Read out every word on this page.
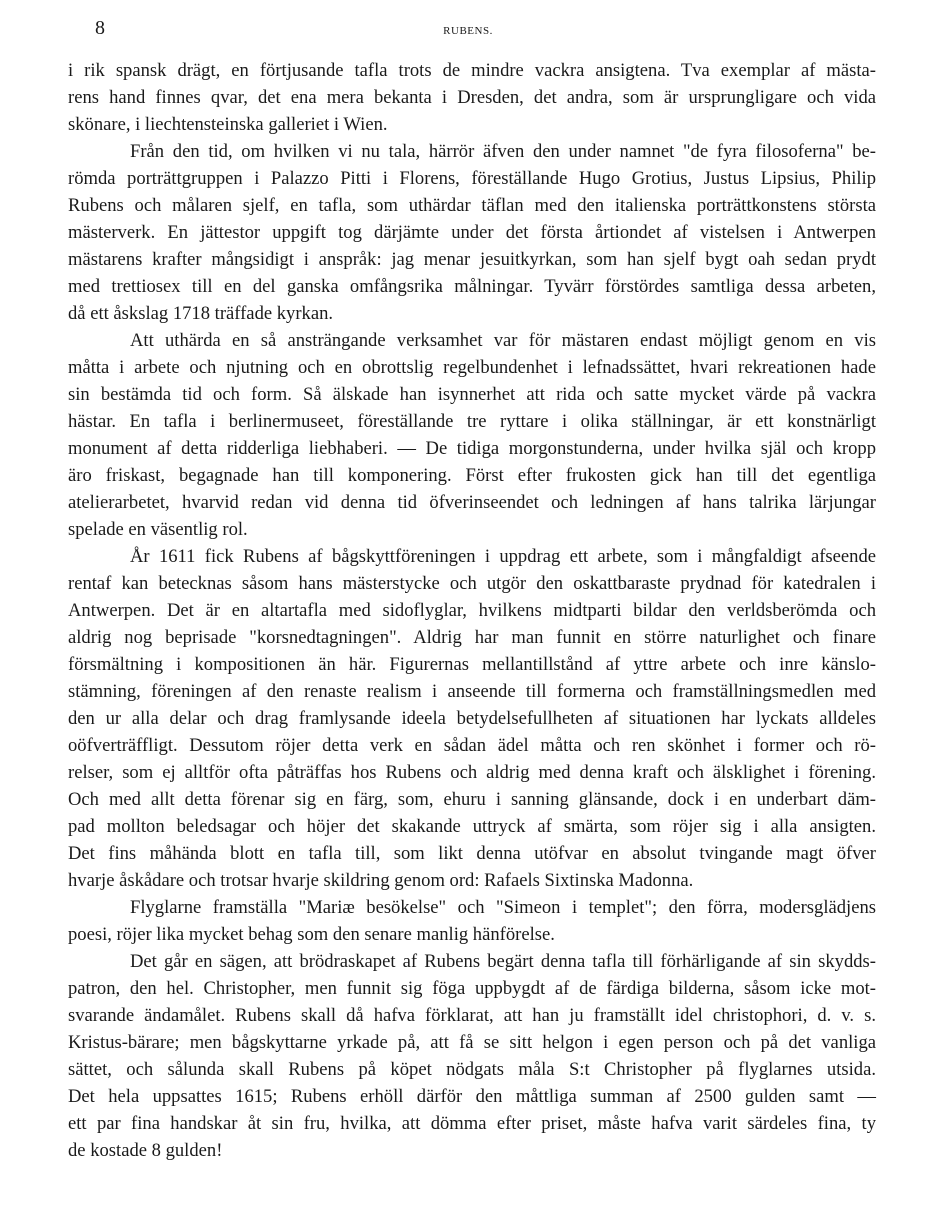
8	RUBENS.
i rik spansk drägt, en förtjusande tafla trots de mindre vackra ansigtena. Tva exemplar af mästa-
rens hand finnes qvar, det ena mera bekanta i Dresden, det andra, som är ursprungligare och vida
skönare, i liechtensteinska galleriet i Wien.
Från den tid, om hvilken vi nu tala, härrör äfven den under namnet "de fyra filosoferna" be-
römda porträttgruppen i Palazzo Pitti i Florens, föreställande Hugo Grotius, Justus Lipsius, Philip
Rubens och målaren sjelf, en tafla, som uthärdar täflan med den italienska porträttkonstens största
mästerverk. En jättestor uppgift tog därjämte under det första årtiondet af vistelsen i Antwerpen
mästarens krafter mångsidigt i anspråk: jag menar jesuitkyrkan, som han sjelf bygt oah sedan prydt
med trettiosex till en del ganska omfångsrika målningar. Tyvärr förstördes samtliga dessa arbeten,
då ett åskslag 1718 träffade kyrkan.
Att uthärda en så ansträngande verksamhet var för mästaren endast möjligt genom en vis
måtta i arbete och njutning och en obrottslig regelbundenhet i lefnadssättet, hvari rekreationen hade
sin bestämda tid och form. Så älskade han isynnerhet att rida och satte mycket värde på vackra
hästar. En tafla i berlinermuseet, föreställande tre ryttare i olika ställningar, är ett konstnärligt
monument af detta ridderliga liebhaberi. — De tidiga morgonstunderna, under hvilka själ och kropp
äro friskast, begagnade han till komponering. Först efter frukosten gick han till det egentliga
atelierarbetet, hvarvid redan vid denna tid öfverinseendet och ledningen af hans talrika lärjungar
spelade en väsentlig rol.
År 1611 fick Rubens af bågskyttföreningen i uppdrag ett arbete, som i mångfaldigt afseende
rentaf kan betecknas såsom hans mästerstycke och utgör den oskattbaraste prydnad för katedralen i
Antwerpen. Det är en altartafla med sidoflyglar, hvilkens midtparti bildar den verldsberömda och
aldrig nog beprisade "korsnedtagningen". Aldrig har man funnit en större naturlighet och finare
försmältning i kompositionen än här. Figurernas mellantillstånd af yttre arbete och inre känslo-
stämning, föreningen af den renaste realism i anseende till formerna och framställningsmedlen med
den ur alla delar och drag framlysande ideela betydelsefullheten af situationen har lyckats alldeles
oöfverträffligt. Dessutom röjer detta verk en sådan ädel måtta och ren skönhet i former och rö-
relser, som ej alltför ofta påträffas hos Rubens och aldrig med denna kraft och älsklighet i förening.
Och med allt detta förenar sig en färg, som, ehuru i sanning glänsande, dock i en underbart däm-
pad mollton beledsagar och höjer det skakande uttryck af smärta, som röjer sig i alla ansigten.
Det fins måhända blott en tafla till, som likt denna utöfvar en absolut tvingande magt öfver
hvarje åskådare och trotsar hvarje skildring genom ord: Rafaels Sixtinska Madonna.
Flyglarne framställa "Mariæ besökelse" och "Simeon i templet"; den förra, modersglädjens
poesi, röjer lika mycket behag som den senare manlig hänförelse.
Det går en sägen, att brödraskapet af Rubens begärt denna tafla till förhärligande af sin skydds-
patron, den hel. Christopher, men funnit sig föga uppbygdt af de färdiga bilderna, såsom icke mot-
svarande ändamålet. Rubens skall då hafva förklarat, att han ju framställt idel christophori, d. v. s.
Kristus-bärare; men bågskyttarne yrkade på, att få se sitt helgon i egen person och på det vanliga
sättet, och sålunda skall Rubens på köpet nödgats måla S:t Christopher på flyglarnes utsida.
Det hela uppsattes 1615; Rubens erhöll därför den måttliga summan af 2500 gulden samt —
ett par fina handskar åt sin fru, hvilka, att dömma efter priset, måste hafva varit särdeles fina, ty
de kostade 8 gulden!
